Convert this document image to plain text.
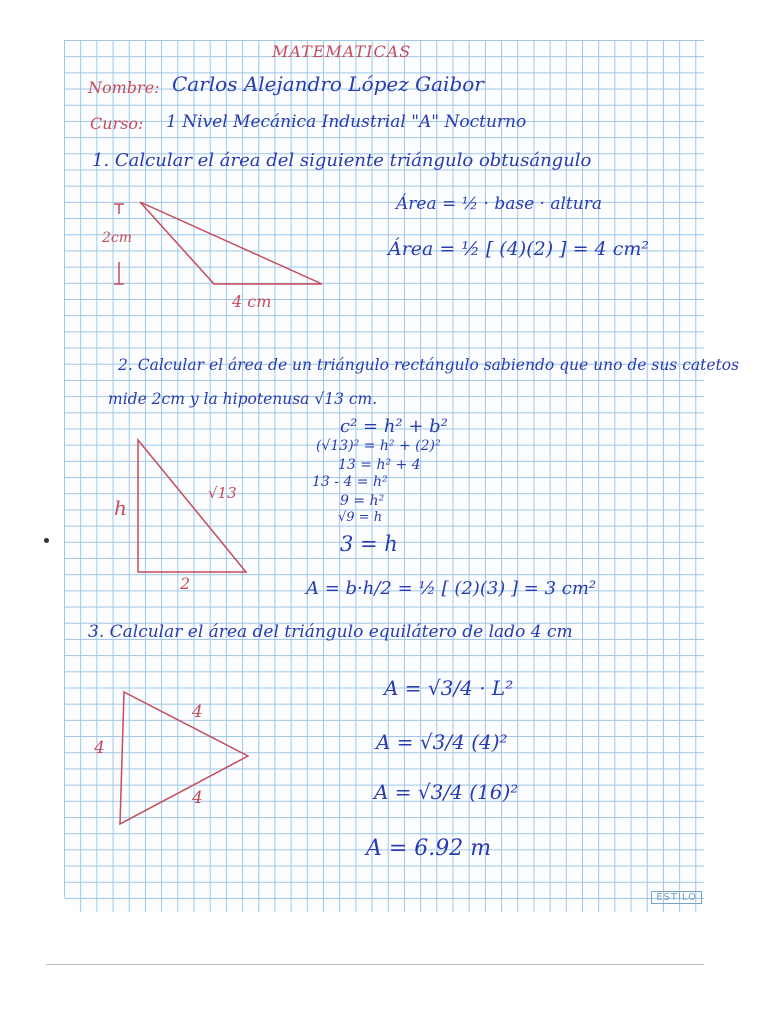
ESTILO
MATEMATICAS
Nombre: Carlos Alejandro López Gaibor
Curso: 1 Nivel Mecánica Industrial "A" Nocturno
1. Calcular el área del siguiente triángulo obtusángulo
2cm
4 cm
Área = ½ · base · altura
Área = ½ [ (4)(2) ] = 4 cm²
2. Calcular el área de un triángulo rectángulo sabiendo que uno de sus catetos
mide 2cm y la hipotenusa √13 cm.
h
√13
2
c² = h² + b²
(√13)² = h² + (2)²
13 = h² + 4
13 - 4 = h²
9 = h²
√9 = h
3 = h
A = b·h/2 = ½ [ (2)(3) ] = 3 cm²
3. Calcular el área del triángulo equilátero de lado 4 cm
4
4
4
A = √3/4 · L²
A = √3/4 (4)²
A = √3/4 (16)²
A = 6.92 m
